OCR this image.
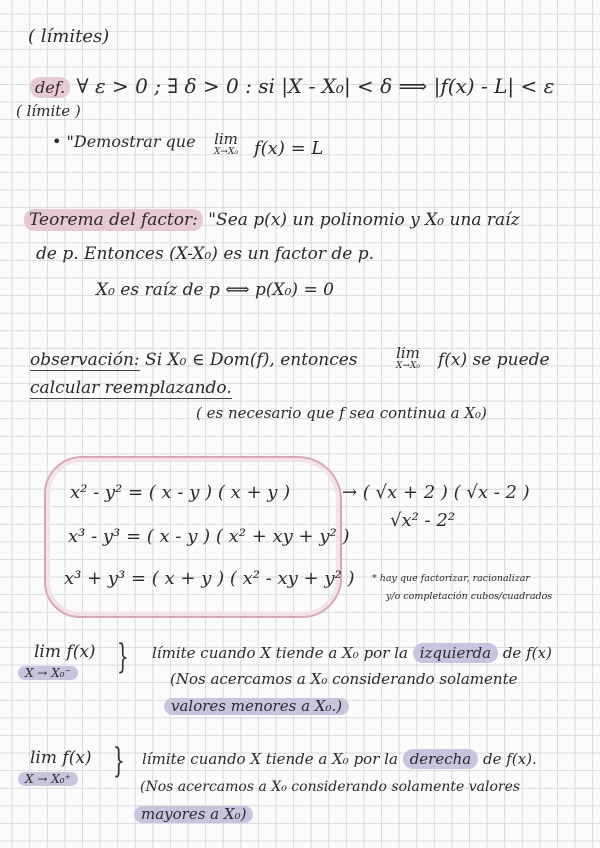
( límites)
def. ∀ ε > 0 ; ∃ δ > 0 : si |X - X₀| < δ ⟹ |f(x) - L| < ε
( límite )
• "Demostrar que lim
X→X₀ f(x) = L
Teorema del factor: "Sea p(x) un polinomio y X₀ una raíz
de p. Entonces (X-X₀) es un factor de p.
X₀ es raíz de p ⟺ p(X₀) = 0
observación: Si X₀ ∈ Dom(f), entonces	lim
X→X₀ f(x) se puede
calcular reemplazando.
( es necesario que f sea continua a X₀)
x² - y² = ( x - y ) ( x + y )
x³ - y³ = ( x - y ) ( x² + xy + y² )
x³ + y³ = ( x + y ) ( x² - xy + y² )
→ ( √x + 2 ) ( √x - 2 )
√x² - 2²
* hay que factorizar, racionalizar
y/o completación cubos/cuadrados
lim f(x)
X → X₀⁻ } límite cuando X tiende a X₀ por la izquierda de f(x)
(Nos acercamos a X₀ considerando solamente
valores menores a X₀.)
lim f(x)
X → X₀⁺ } límite cuando X tiende a X₀ por la derecha de f(x).
(Nos acercamos a X₀ considerando solamente valores
mayores a X₀)
